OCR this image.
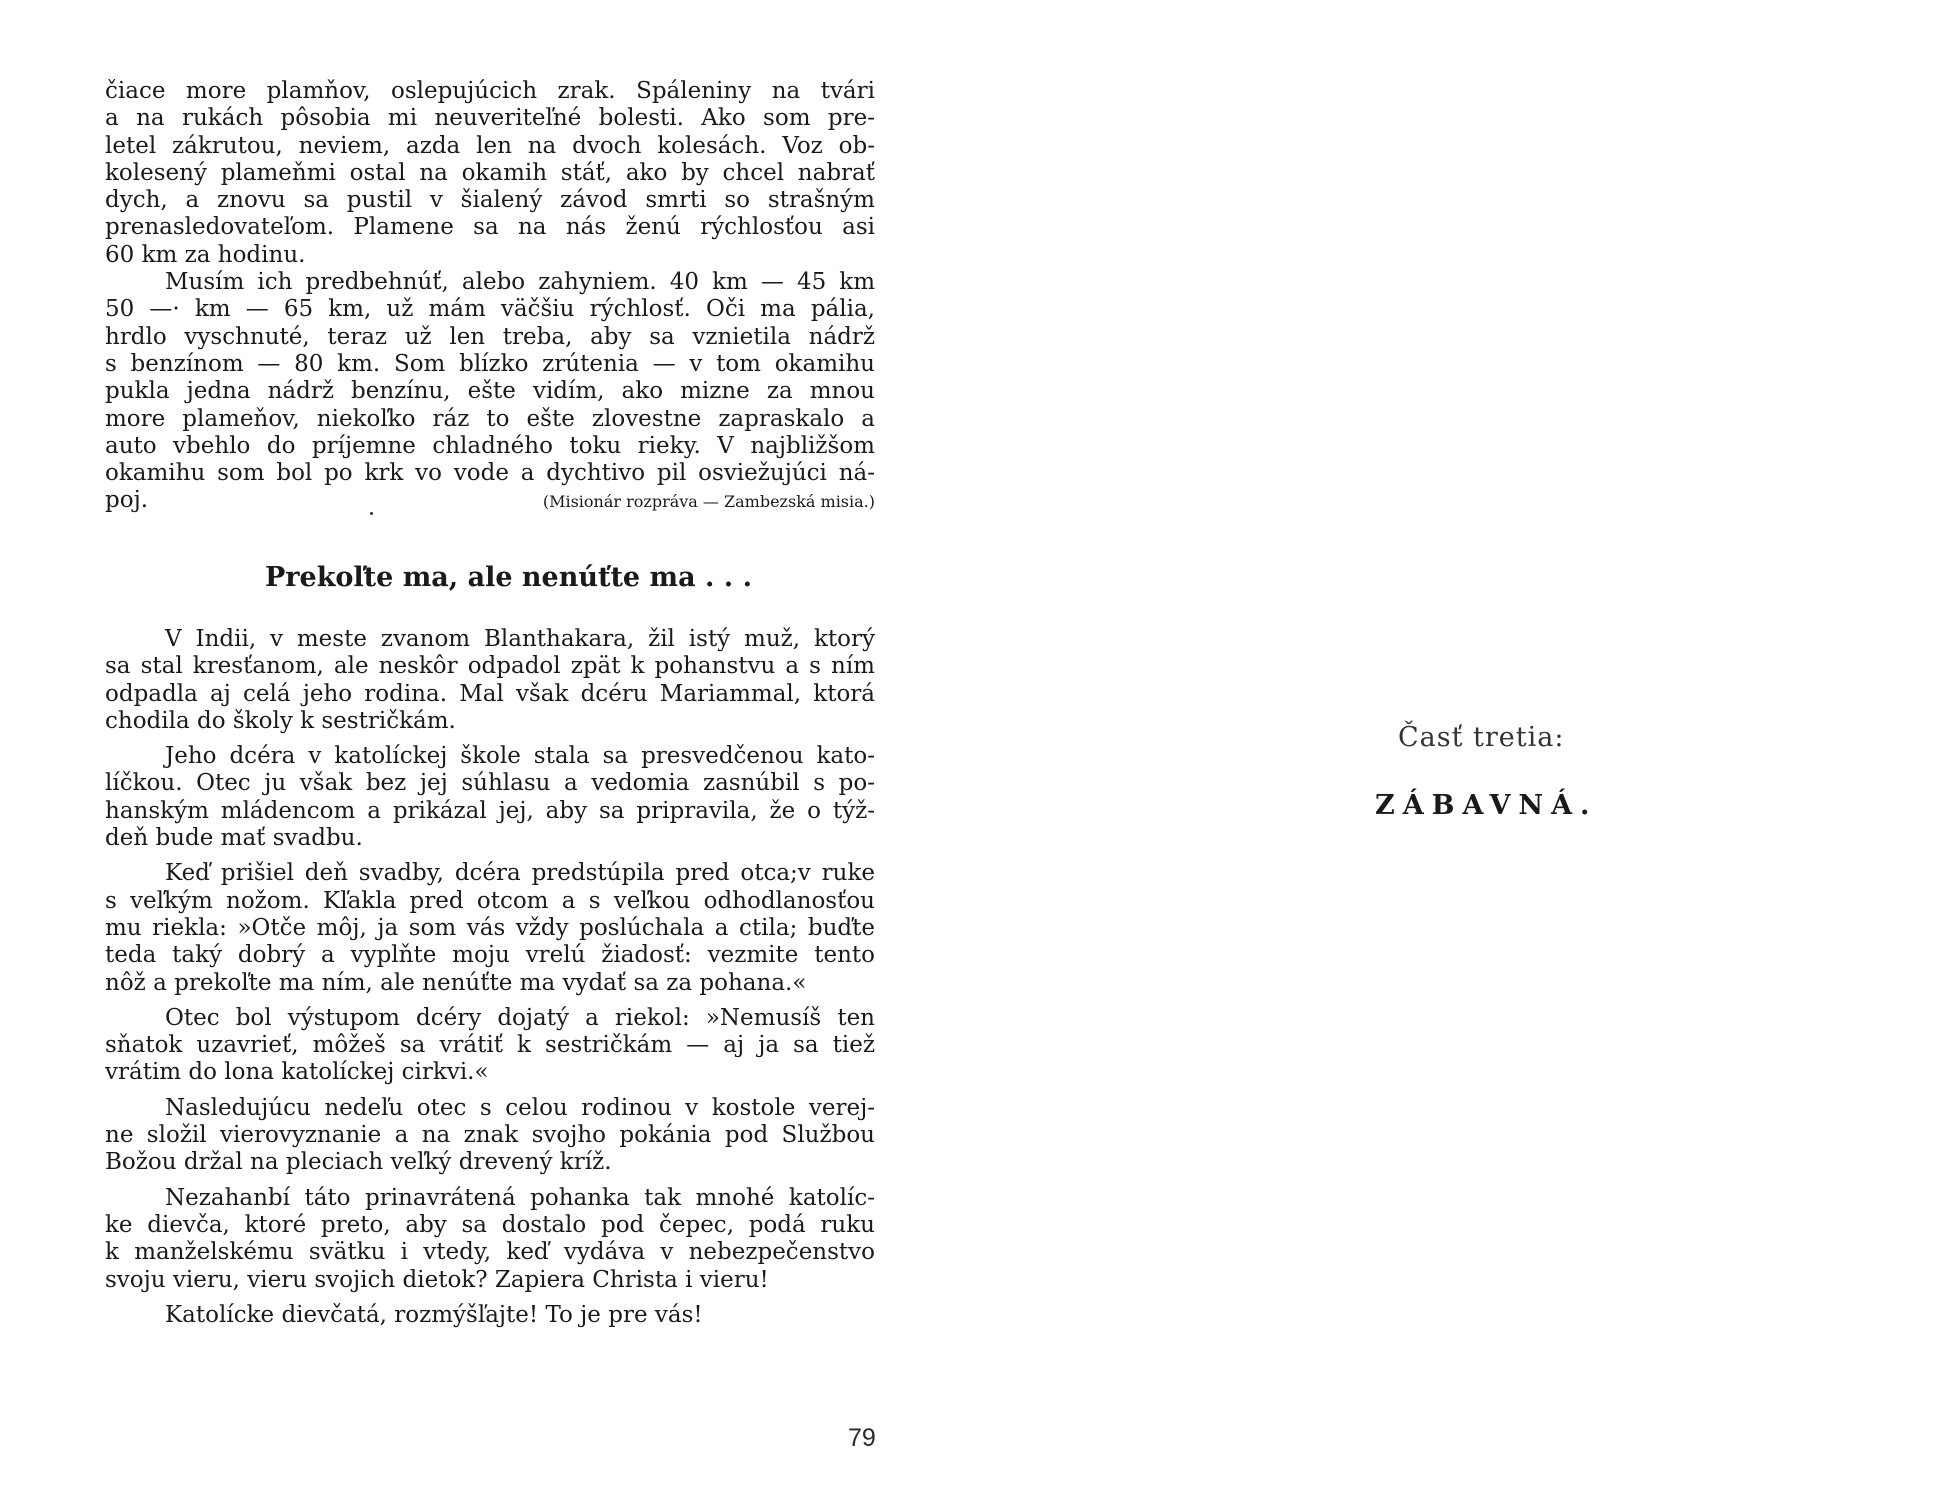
čiace more plamňov, oslepujúcich zrak. Spáleniny na tvári
a na rukách pôsobia mi neuveriteľné bolesti. Ako som pre-
letel zákrutou, neviem, azda len na dvoch kolesách. Voz ob-
kolesený plameňmi ostal na okamih stáť, ako by chcel nabrať
dych, a znovu sa pustil v šialený závod smrti so strašným
prenasledovateľom. Plamene sa na nás ženú rýchlosťou asi
60 km za hodinu.
Musím ich predbehnúť, alebo zahyniem. 40 km — 45 km
50 —· km — 65 km, už mám väčšiu rýchlosť. Oči ma pália,
hrdlo vyschnuté, teraz už len treba, aby sa vznietila nádrž
s benzínom — 80 km. Som blízko zrútenia — v tom okamihu
pukla jedna nádrž benzínu, ešte vidím, ako mizne za mnou
more plameňov, niekoľko ráz to ešte zlovestne zapraskalo a
auto vbehlo do príjemne chladného toku rieky. V najbližšom
okamihu som bol po krk vo vode a dychtivo pil osviežujúci ná-
poj.	(Misionár rozpráva — Zambezská misia.)
Prekoľte ma, ale nenúťte ma . . .
V Indii, v meste zvanom Blanthakara, žil istý muž, ktorý
sa stal kresťanom, ale neskôr odpadol zpät k pohanstvu a s ním
odpadla aj celá jeho rodina. Mal však dcéru Mariammal, ktorá
chodila do školy k sestričkám.
Jeho dcéra v katolíckej škole stala sa presvedčenou kato-
líčkou. Otec ju však bez jej súhlasu a vedomia zasnúbil s po-
hanským mládencom a prikázal jej, aby sa pripravila, že o týž-
deň bude mať svadbu.
Keď prišiel deň svadby, dcéra predstúpila pred otca;v ruke
s veľkým nožom. Kľakla pred otcom a s veľkou odhodlanosťou
mu riekla: »Otče môj, ja som vás vždy poslúchala a ctila; buďte
teda taký dobrý a vyplňte moju vrelú žiadosť: vezmite tento
nôž a prekoľte ma ním, ale nenúťte ma vydať sa za pohana.«
Otec bol výstupom dcéry dojatý a riekol: »Nemusíš ten
sňatok uzavrieť, môžeš sa vrátiť k sestričkám — aj ja sa tiež
vrátim do lona katolíckej cirkvi.«
Nasledujúcu nedeľu otec s celou rodinou v kostole verej-
ne složil vierovyznanie a na znak svojho pokánia pod Službou
Božou držal na pleciach veľký drevený kríž.
Nezahanbí táto prinavrátená pohanka tak mnohé katolíc-
ke dievča, ktoré preto, aby sa dostalo pod čepec, podá ruku
k manželskému svätku i vtedy, keď vydáva v nebezpečenstvo
svoju vieru, vieru svojich dietok? Zapiera Christa i vieru!
Katolícke dievčatá, rozmýšľajte! To je pre vás!
79
Časť tretia:
ZÁBAVNÁ.
